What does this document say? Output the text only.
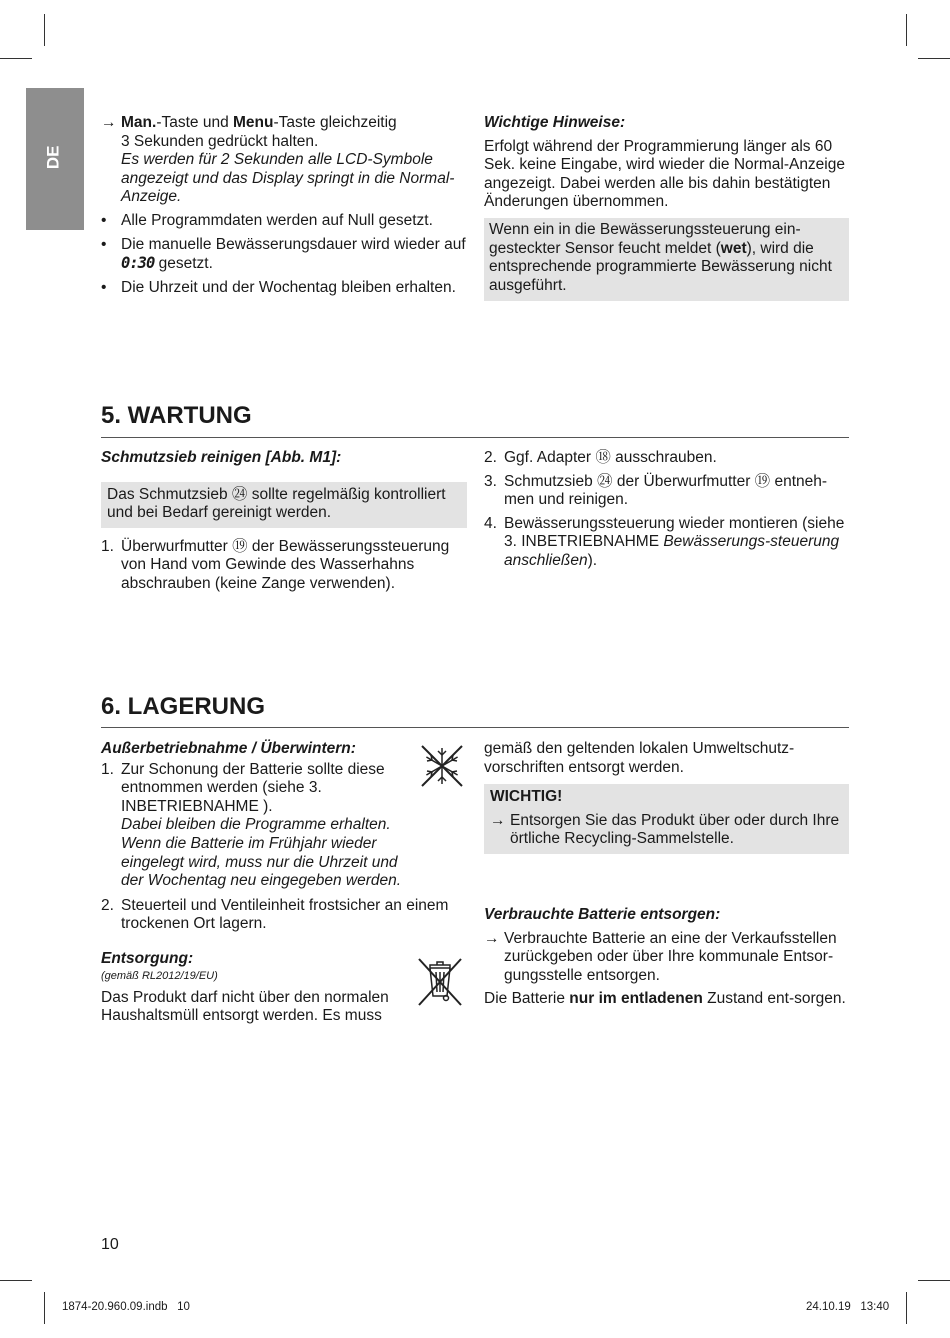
DE
→ Man.-Taste und Menu-Taste gleichzeitig
3 Sekunden gedrückt halten.
Es werden für 2 Sekunden alle LCD-Symbole angezeigt und das Display springt in die Normal-Anzeige.

• Alle Programmdaten werden auf Null gesetzt.

• Die manuelle Bewässerungsdauer wird wieder auf 0:30 gesetzt.

• Die Uhrzeit und der Wochentag bleiben erhalten.

Wichtige Hinweise:

Erfolgt während der Programmierung länger als 60 Sek. keine Eingabe, wird wieder die Normal-Anzeige angezeigt. Dabei werden alle bis dahin bestätigten Änderungen übernommen.

Wenn ein in die Bewässerungssteuerung ein-gesteckter Sensor feucht meldet (wet), wird die entsprechende programmierte Bewässerung nicht ausgeführt.

5. WARTUNG

Schmutzsieb reinigen [Abb. M1]:

Das Schmutzsieb ㉔ sollte regelmäßig kontrolliert und bei Bedarf gereinigt werden.

1. Überwurfmutter ⑲ der Bewässerungssteuerung von Hand vom Gewinde des Wasserhahns abschrauben (keine Zange verwenden).

2. Ggf. Adapter ⑱ ausschrauben.

3. Schmutzsieb ㉔ der Überwurfmutter ⑲ entneh-men und reinigen.

4. Bewässerungssteuerung wieder montieren (siehe 3. INBETRIEBNAHME Bewässerungs-steuerung anschließen).

6. LAGERUNG

Außerbetriebnahme / Überwintern:

1. Zur Schonung der Batterie sollte diese entnommen werden (siehe 3. INBETRIEBNAHME ).
Dabei bleiben die Programme erhalten. Wenn die Batterie im Frühjahr wieder eingelegt wird, muss nur die Uhrzeit und der Wochentag neu eingegeben werden.

2. Steuerteil und Ventileinheit frostsicher an einem trockenen Ort lagern.

Entsorgung:

(gemäß RL2012/19/EU)

Das Produkt darf nicht über den normalen Haushaltsmüll entsorgt werden. Es muss

gemäß den geltenden lokalen Umweltschutz-vorschriften entsorgt werden.

WICHTIG!

→ Entsorgen Sie das Produkt über oder durch Ihre örtliche Recycling-Sammelstelle.

Verbrauchte Batterie entsorgen:

→ Verbrauchte Batterie an eine der Verkaufsstellen zurückgeben oder über Ihre kommunale Entsor-gungsstelle entsorgen.

Die Batterie nur im entladenen Zustand ent-sorgen.

10
1874-20.960.09.indb   10	24.10.19   13:40
